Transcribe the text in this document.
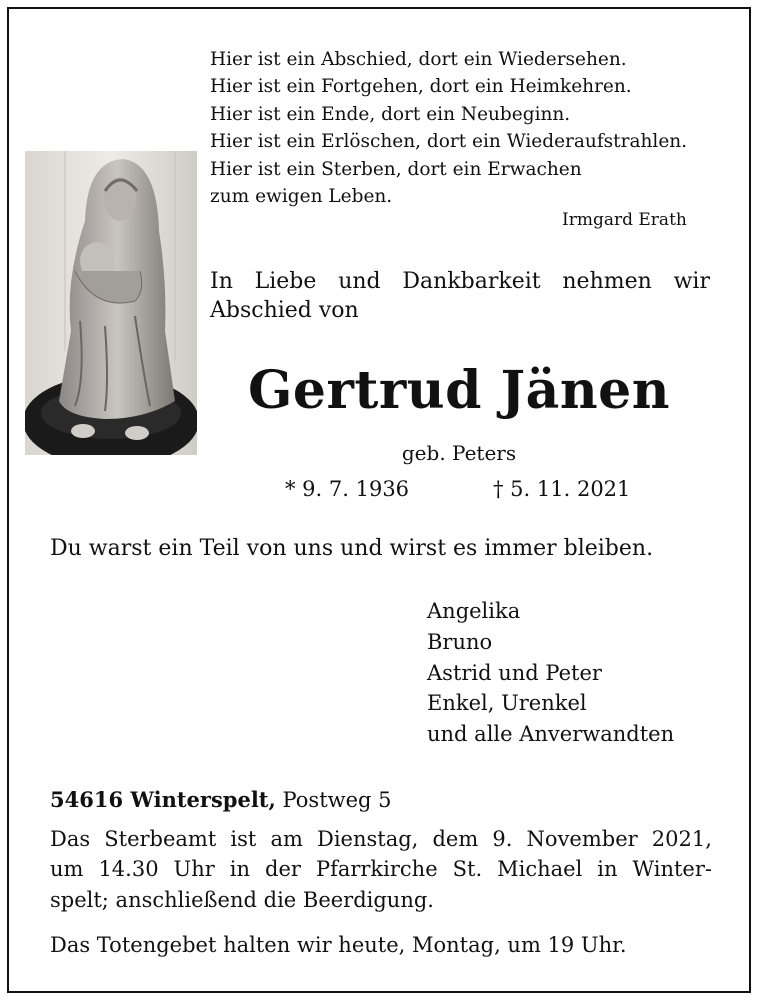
Hier ist ein Abschied, dort ein Wiedersehen.
Hier ist ein Fortgehen, dort ein Heimkehren.
Hier ist ein Ende, dort ein Neubeginn.
Hier ist ein Erlöschen, dort ein Wiederaufstrahlen.
Hier ist ein Sterben, dort ein Erwachen
zum ewigen Leben.
Irmgard Erath
In Liebe und Dankbarkeit nehmen wir
Abschied von
Gertrud Jänen
geb. Peters
* 9. 7. 1936	† 5. 11. 2021
Du warst ein Teil von uns und wirst es immer bleiben.
Angelika
Bruno
Astrid und Peter
Enkel, Urenkel
und alle Anverwandten
54616 Winterspelt, Postweg 5
Das Sterbeamt ist am Dienstag, dem 9. November 2021,
um 14.30 Uhr in der Pfarrkirche St. Michael in Winter-
spelt; anschließend die Beerdigung.
Das Totengebet halten wir heute, Montag, um 19 Uhr.
